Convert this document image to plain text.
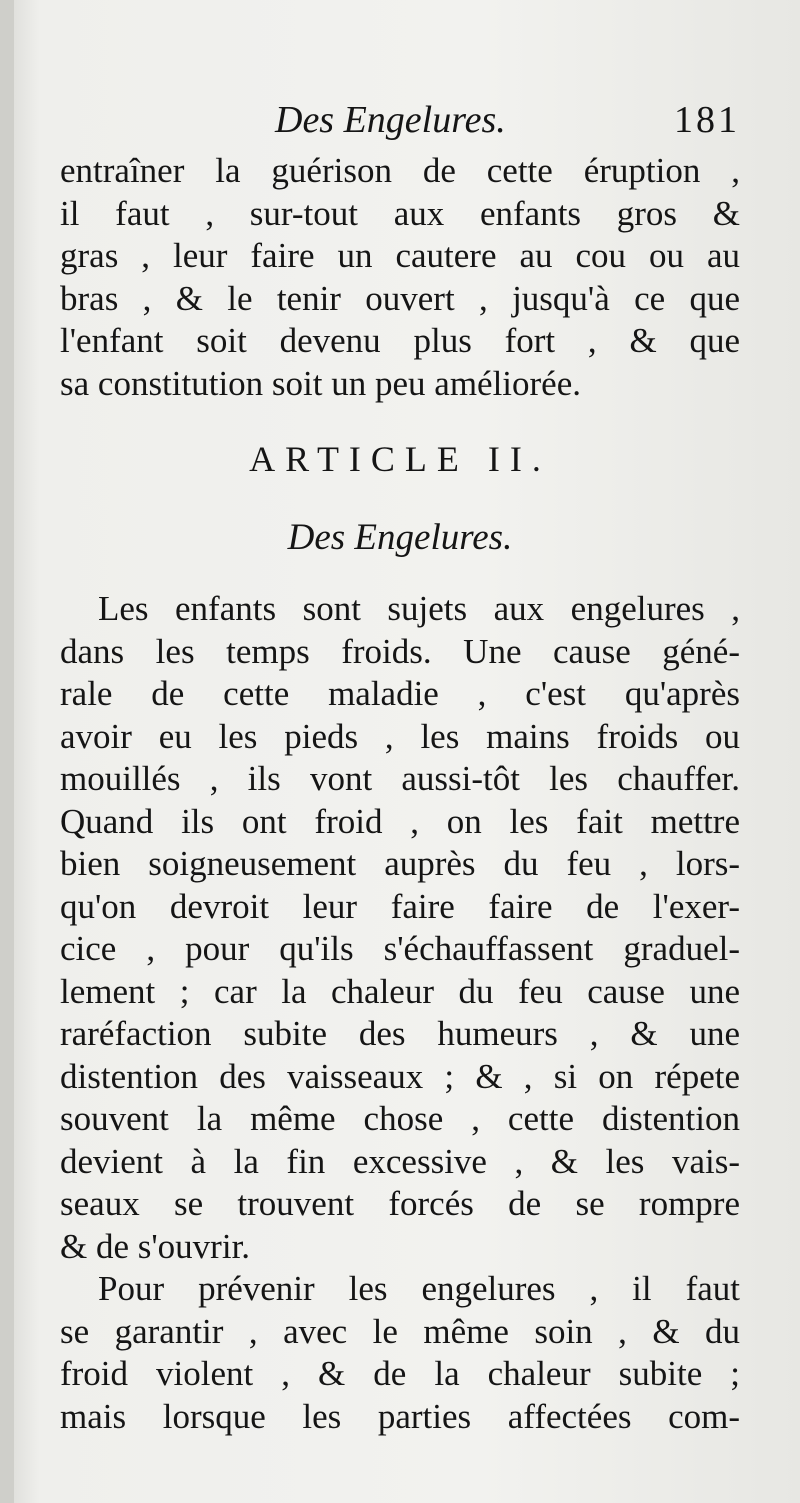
Des Engelures.	181
entraîner la guérison de cette éruption ,
il faut , sur-tout aux enfants gros &
gras , leur faire un cautere au cou ou au
bras , & le tenir ouvert , jusqu'à ce que
l'enfant soit devenu plus fort , & que
sa constitution soit un peu améliorée.
ARTICLE II.
Des Engelures.
Les enfants sont sujets aux engelures ,
dans les temps froids. Une cause géné-
rale de cette maladie , c'est qu'après
avoir eu les pieds , les mains froids ou
mouillés , ils vont aussi-tôt les chauffer.
Quand ils ont froid , on les fait mettre
bien soigneusement auprès du feu , lors-
qu'on devroit leur faire faire de l'exer-
cice , pour qu'ils s'échauffassent graduel-
lement ; car la chaleur du feu cause une
raréfaction subite des humeurs , & une
distention des vaisseaux ; & , si on répete
souvent la même chose , cette distention
devient à la fin excessive , & les vais-
seaux se trouvent forcés de se rompre
& de s'ouvrir.
Pour prévenir les engelures , il faut
se garantir , avec le même soin , & du
froid violent , & de la chaleur subite ;
mais lorsque les parties affectées com-
